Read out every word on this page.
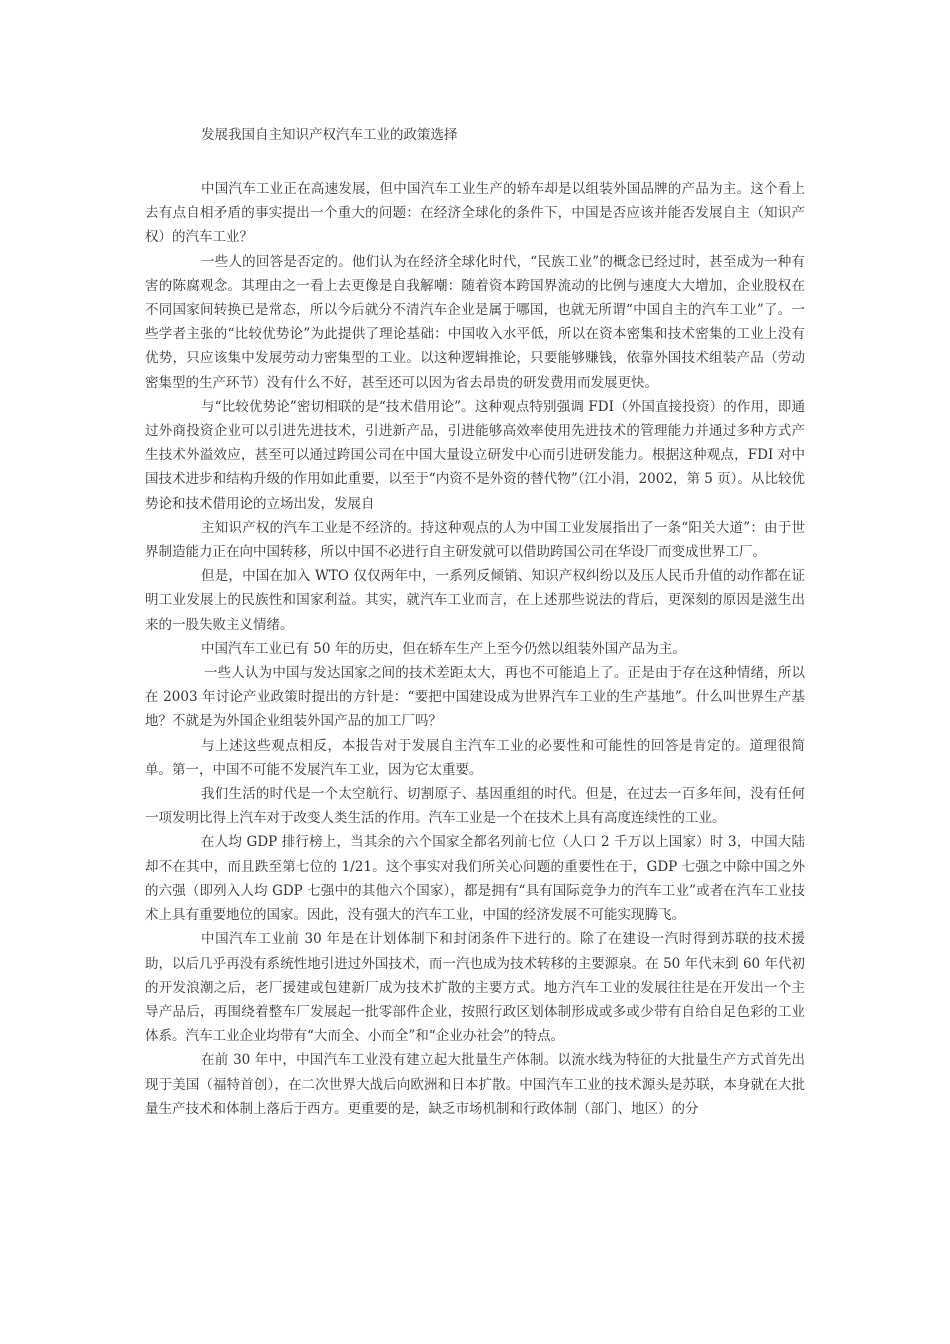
发展我国自主知识产权汽车工业的政策选择

中国汽车工业正在高速发展，但中国汽车工业生产的轿车却是以组装外国品牌的产品为主。这个看上去有点自相矛盾的事实提出一个重大的问题：在经济全球化的条件下，中国是否应该并能否发展自主（知识产权）的汽车工业？

一些人的回答是否定的。他们认为在经济全球化时代，“民族工业”的概念已经过时，甚至成为一种有害的陈腐观念。其理由之一看上去更像是自我解嘲：随着资本跨国界流动的比例与速度大大增加，企业股权在不同国家间转换已是常态，所以今后就分不清汽车企业是属于哪国，也就无所谓“中国自主的汽车工业”了。一些学者主张的“比较优势论”为此提供了理论基础：中国收入水平低，所以在资本密集和技术密集的工业上没有优势，只应该集中发展劳动力密集型的工业。以这种逻辑推论，只要能够赚钱，依靠外国技术组装产品（劳动密集型的生产环节）没有什么不好，甚至还可以因为省去昂贵的研发费用而发展更快。

与“比较优势论”密切相联的是“技术借用论”。这种观点特别强调 FDI（外国直接投资）的作用，即通过外商投资企业可以引进先进技术，引进新产品，引进能够高效率使用先进技术的管理能力并通过多种方式产生技术外溢效应，甚至可以通过跨国公司在中国大量设立研发中心而引进研发能力。根据这种观点，FDI 对中国技术进步和结构升级的作用如此重要，以至于“内资不是外资的替代物”（江小涓，2002，第 5 页）。从比较优势论和技术借用论的立场出发，发展自

主知识产权的汽车工业是不经济的。持这种观点的人为中国工业发展指出了一条“阳关大道”：由于世界制造能力正在向中国转移，所以中国不必进行自主研发就可以借助跨国公司在华设厂而变成世界工厂。

但是，中国在加入 WTO 仅仅两年中，一系列反倾销、知识产权纠纷以及压人民币升值的动作都在证明工业发展上的民族性和国家利益。其实，就汽车工业而言，在上述那些说法的背后，更深刻的原因是滋生出来的一股失败主义情绪。

中国汽车工业已有 50 年的历史，但在轿车生产上至今仍然以组装外国产品为主。

一些人认为中国与发达国家之间的技术差距太大，再也不可能追上了。正是由于存在这种情绪，所以在 2003 年讨论产业政策时提出的方针是：“要把中国建设成为世界汽车工业的生产基地”。什么叫世界生产基地？不就是为外国企业组装外国产品的加工厂吗？

与上述这些观点相反，本报告对于发展自主汽车工业的必要性和可能性的回答是肯定的。道理很简单。第一，中国不可能不发展汽车工业，因为它太重要。

我们生活的时代是一个太空航行、切割原子、基因重组的时代。但是，在过去一百多年间，没有任何一项发明比得上汽车对于改变人类生活的作用。汽车工业是一个在技术上具有高度连续性的工业。

在人均 GDP 排行榜上，当其余的六个国家全都名列前七位（人口 2 千万以上国家）时 3，中国大陆却不在其中，而且跌至第七位的 1/21。这个事实对我们所关心问题的重要性在于，GDP 七强之中除中国之外的六强（即列入人均 GDP 七强中的其他六个国家），都是拥有“具有国际竞争力的汽车工业”或者在汽车工业技术上具有重要地位的国家。因此，没有强大的汽车工业，中国的经济发展不可能实现腾飞。

中国汽车工业前 30 年是在计划体制下和封闭条件下进行的。除了在建设一汽时得到苏联的技术援助，以后几乎再没有系统性地引进过外国技术，而一汽也成为技术转移的主要源泉。在 50 年代末到 60 年代初的开发浪潮之后，老厂援建或包建新厂成为技术扩散的主要方式。地方汽车工业的发展往往是在开发出一个主导产品后，再围绕着整车厂发展起一批零部件企业，按照行政区划体制形成或多或少带有自给自足色彩的工业体系。汽车工业企业均带有“大而全、小而全”和“企业办社会”的特点。

在前 30 年中，中国汽车工业没有建立起大批量生产体制。以流水线为特征的大批量生产方式首先出现于美国（福特首创），在二次世界大战后向欧洲和日本扩散。中国汽车工业的技术源头是苏联，本身就在大批量生产技术和体制上落后于西方。更重要的是，缺乏市场机制和行政体制（部门、地区）的分
